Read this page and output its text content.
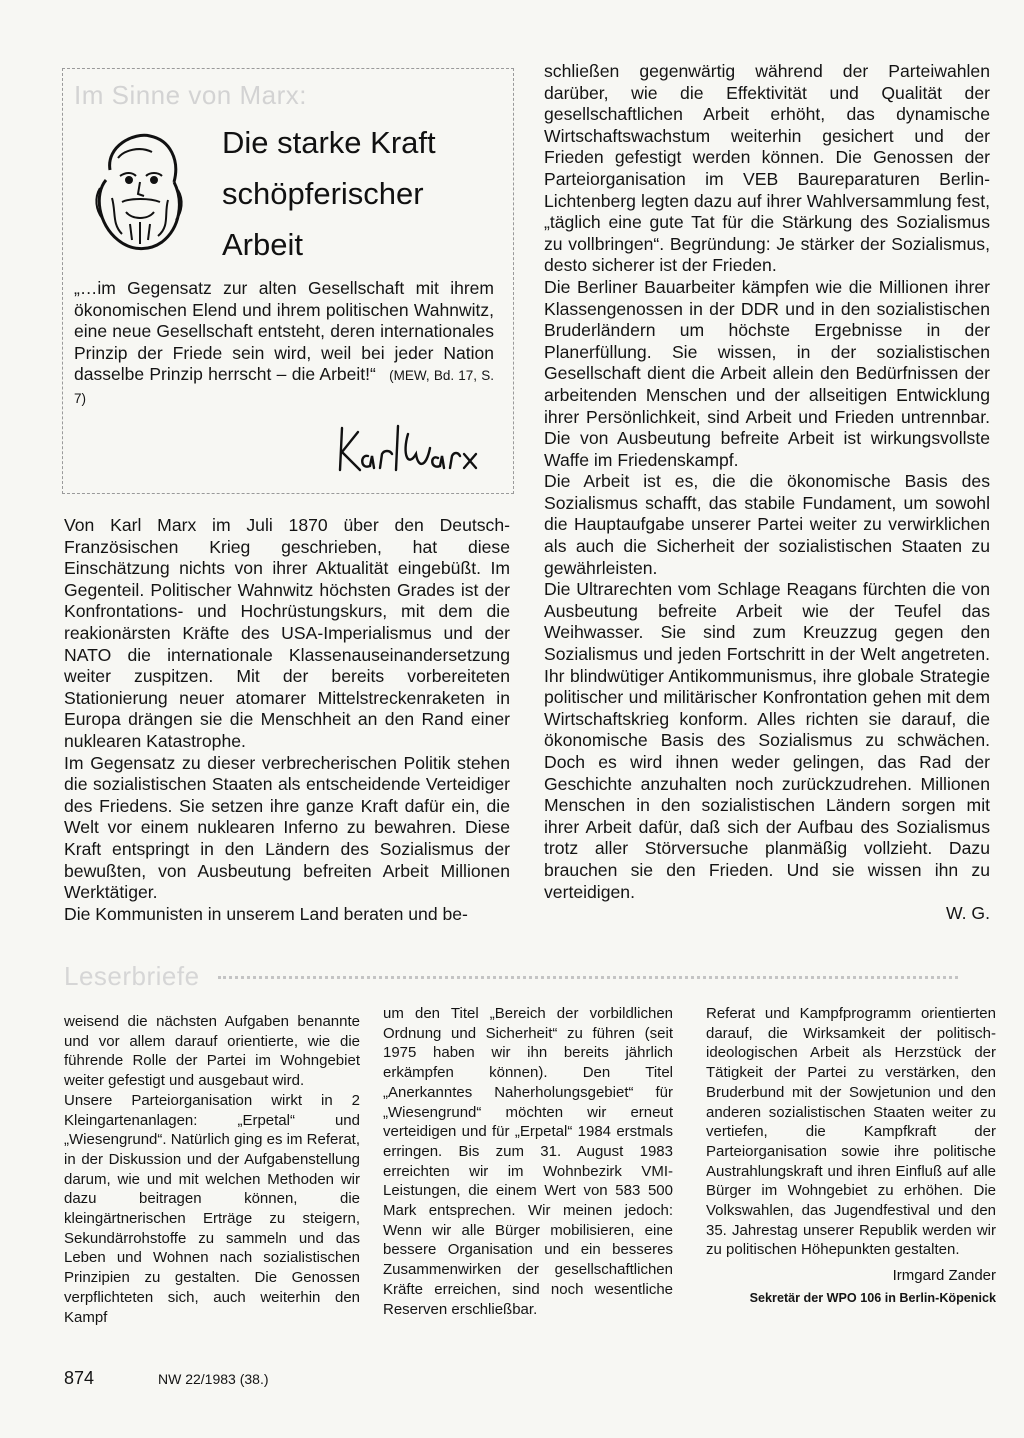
Im Sinne von Marx:
Die starke Kraft
schöpferischer
Arbeit
„…im Gegensatz zur alten Gesellschaft mit ihrem ökonomischen Elend und ihrem politischen Wahnwitz, eine neue Gesellschaft entsteht, deren internationales Prinzip der Friede sein wird, weil bei jeder Nation dasselbe Prinzip herrscht – die Arbeit!“ (MEW, Bd. 17, S. 7)

Von Karl Marx im Juli 1870 über den Deutsch-Französischen Krieg geschrieben, hat diese Einschätzung nichts von ihrer Aktualität eingebüßt. Im Gegenteil. Politischer Wahnwitz höchsten Grades ist der Konfrontations- und Hochrüstungskurs, mit dem die reakionärsten Kräfte des USA-Imperialismus und der NATO die internationale Klassenauseinandersetzung weiter zuspitzen. Mit der bereits vorbereiteten Stationierung neuer atomarer Mittelstreckenraketen in Europa drängen sie die Menschheit an den Rand einer nuklearen Katastrophe.

Im Gegensatz zu dieser verbrecherischen Politik stehen die sozialistischen Staaten als entscheidende Verteidiger des Friedens. Sie setzen ihre ganze Kraft dafür ein, die Welt vor einem nuklearen Inferno zu bewahren. Diese Kraft entspringt in den Ländern des Sozialismus der bewußten, von Ausbeutung befreiten Arbeit Millionen Werktätiger.

Die Kommunisten in unserem Land beraten und be-

schließen gegenwärtig während der Parteiwahlen darüber, wie die Effektivität und Qualität der gesellschaftlichen Arbeit erhöht, das dynamische Wirtschaftswachstum weiterhin gesichert und der Frieden gefestigt werden können. Die Genossen der Parteiorganisation im VEB Baureparaturen Berlin-Lichtenberg legten dazu auf ihrer Wahlversammlung fest, „täglich eine gute Tat für die Stärkung des Sozialismus zu vollbringen“. Begründung: Je stärker der Sozialismus, desto sicherer ist der Frieden.

Die Berliner Bauarbeiter kämpfen wie die Millionen ihrer Klassengenossen in der DDR und in den sozialistischen Bruderländern um höchste Ergebnisse in der Planerfüllung. Sie wissen, in der sozialistischen Gesellschaft dient die Arbeit allein den Bedürfnissen der arbeitenden Menschen und der allseitigen Entwicklung ihrer Persönlichkeit, sind Arbeit und Frieden untrennbar. Die von Ausbeutung befreite Arbeit ist wirkungsvollste Waffe im Friedenskampf.

Die Arbeit ist es, die die ökonomische Basis des Sozialismus schafft, das stabile Fundament, um sowohl die Hauptaufgabe unserer Partei weiter zu verwirklichen als auch die Sicherheit der sozialistischen Staaten zu gewährleisten.

Die Ultrarechten vom Schlage Reagans fürchten die von Ausbeutung befreite Arbeit wie der Teufel das Weihwasser. Sie sind zum Kreuzzug gegen den Sozialismus und jeden Fortschritt in der Welt angetreten. Ihr blindwütiger Antikommunismus, ihre globale Strategie politischer und militärischer Konfrontation gehen mit dem Wirtschaftskrieg konform. Alles richten sie darauf, die ökonomische Basis des Sozialismus zu schwächen. Doch es wird ihnen weder gelingen, das Rad der Geschichte anzuhalten noch zurückzudrehen. Millionen Menschen in den sozialistischen Ländern sorgen mit ihrer Arbeit dafür, daß sich der Aufbau des Sozialismus trotz aller Störversuche planmäßig vollzieht. Dazu brauchen sie den Frieden. Und sie wissen ihn zu verteidigen.

W. G.

Leserbriefe

weisend die nächsten Aufgaben benannte und vor allem darauf orientierte, wie die führende Rolle der Partei im Wohngebiet weiter gefestigt und ausgebaut wird.

Unsere Parteiorganisation wirkt in 2 Kleingartenanlagen: „Erpetal“ und „Wiesengrund“. Natürlich ging es im Referat, in der Diskussion und der Aufgabenstellung darum, wie und mit welchen Methoden wir dazu beitragen können, die kleingärtnerischen Erträge zu steigern, Sekundärrohstoffe zu sammeln und das Leben und Wohnen nach sozialistischen Prinzipien zu gestalten. Die Genossen verpflichteten sich, auch weiterhin den Kampf

um den Titel „Bereich der vorbildlichen Ordnung und Sicherheit“ zu führen (seit 1975 haben wir ihn bereits jährlich erkämpfen können). Den Titel „Anerkanntes Naherholungsgebiet“ für „Wiesengrund“ möchten wir erneut verteidigen und für „Erpetal“ 1984 erstmals erringen. Bis zum 31. August 1983 erreichten wir im Wohnbezirk VMI-Leistungen, die einem Wert von 583 500 Mark entsprechen. Wir meinen jedoch: Wenn wir alle Bürger mobilisieren, eine bessere Organisation und ein besseres Zusammenwirken der gesellschaftlichen Kräfte erreichen, sind noch wesentliche Reserven erschließbar.

Referat und Kampfprogramm orientierten darauf, die Wirksamkeit der politisch-ideologischen Arbeit als Herzstück der Tätigkeit der Partei zu verstärken, den Bruderbund mit der Sowjetunion und den anderen sozialistischen Staaten weiter zu vertiefen, die Kampfkraft der Parteiorganisation sowie ihre politische Austrahlungskraft und ihren Einfluß auf alle Bürger im Wohngebiet zu erhöhen. Die Volkswahlen, das Jugendfestival und den 35. Jahrestag unserer Republik werden wir zu politischen Höhepunkten gestalten.

Irmgard Zander
Sekretär der WPO 106 in Berlin-Köpenick
874	NW 22/1983 (38.)
